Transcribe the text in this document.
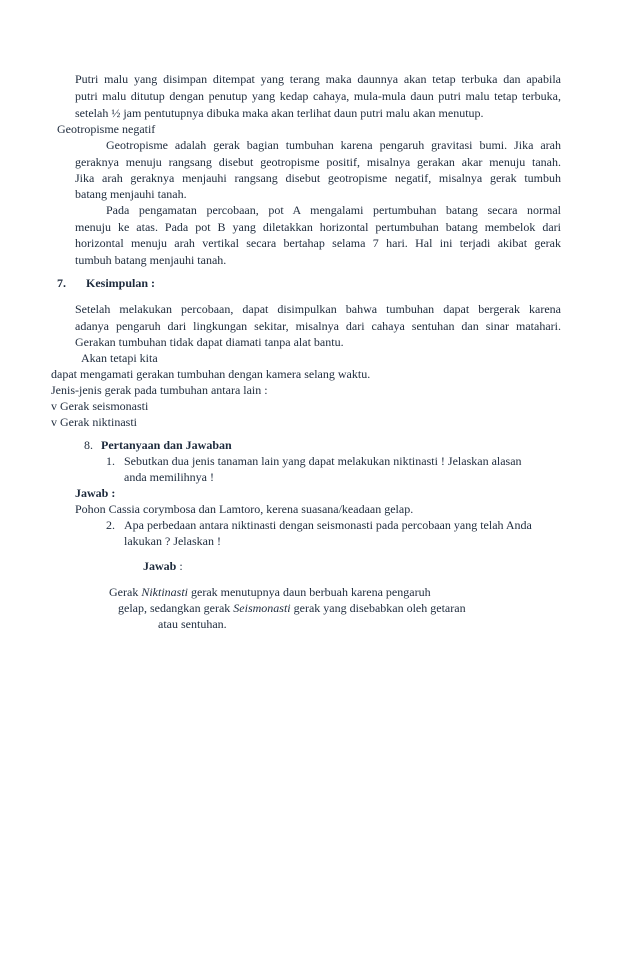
Putri malu yang disimpan ditempat yang terang maka daunnya akan tetap terbuka dan apabila
putri malu ditutup dengan penutup yang kedap cahaya, mula-mula daun putri malu tetap terbuka,
setelah ½ jam pentutupnya dibuka maka akan terlihat daun putri malu akan menutup.
Geotropisme negatif
Geotropisme adalah gerak bagian tumbuhan karena pengaruh gravitasi bumi. Jika arah
geraknya menuju rangsang disebut geotropisme positif, misalnya gerakan akar menuju tanah.
Jika arah geraknya menjauhi rangsang disebut geotropisme negatif, misalnya gerak tumbuh
batang menjauhi tanah.
Pada pengamatan percobaan, pot A mengalami pertumbuhan batang secara normal
menuju ke atas. Pada pot B yang diletakkan horizontal pertumbuhan batang membelok dari
horizontal menuju arah vertikal secara bertahap selama 7 hari. Hal ini terjadi akibat gerak
tumbuh batang menjauhi tanah.
7. Kesimpulan :
Setelah melakukan percobaan, dapat disimpulkan bahwa tumbuhan dapat bergerak karena
adanya pengaruh dari lingkungan sekitar, misalnya dari cahaya sentuhan dan sinar matahari.
Gerakan tumbuhan tidak dapat diamati tanpa alat bantu.
Akan tetapi kita
dapat mengamati gerakan tumbuhan dengan kamera selang waktu.
Jenis-jenis gerak pada tumbuhan antara lain :
v Gerak seismonasti
v Gerak niktinasti
8. Pertanyaan dan Jawaban
1. Sebutkan dua jenis tanaman lain yang dapat melakukan niktinasti ! Jelaskan alasan
anda memilihnya !
Jawab :
Pohon Cassia corymbosa dan Lamtoro, kerena suasana/keadaan gelap.
2. Apa perbedaan antara niktinasti dengan seismonasti pada percobaan yang telah Anda
lakukan ? Jelaskan !
Jawab :
Gerak Niktinasti gerak menutupnya daun berbuah karena pengaruh
gelap, sedangkan gerak Seismonasti gerak yang disebabkan oleh getaran
atau sentuhan.
